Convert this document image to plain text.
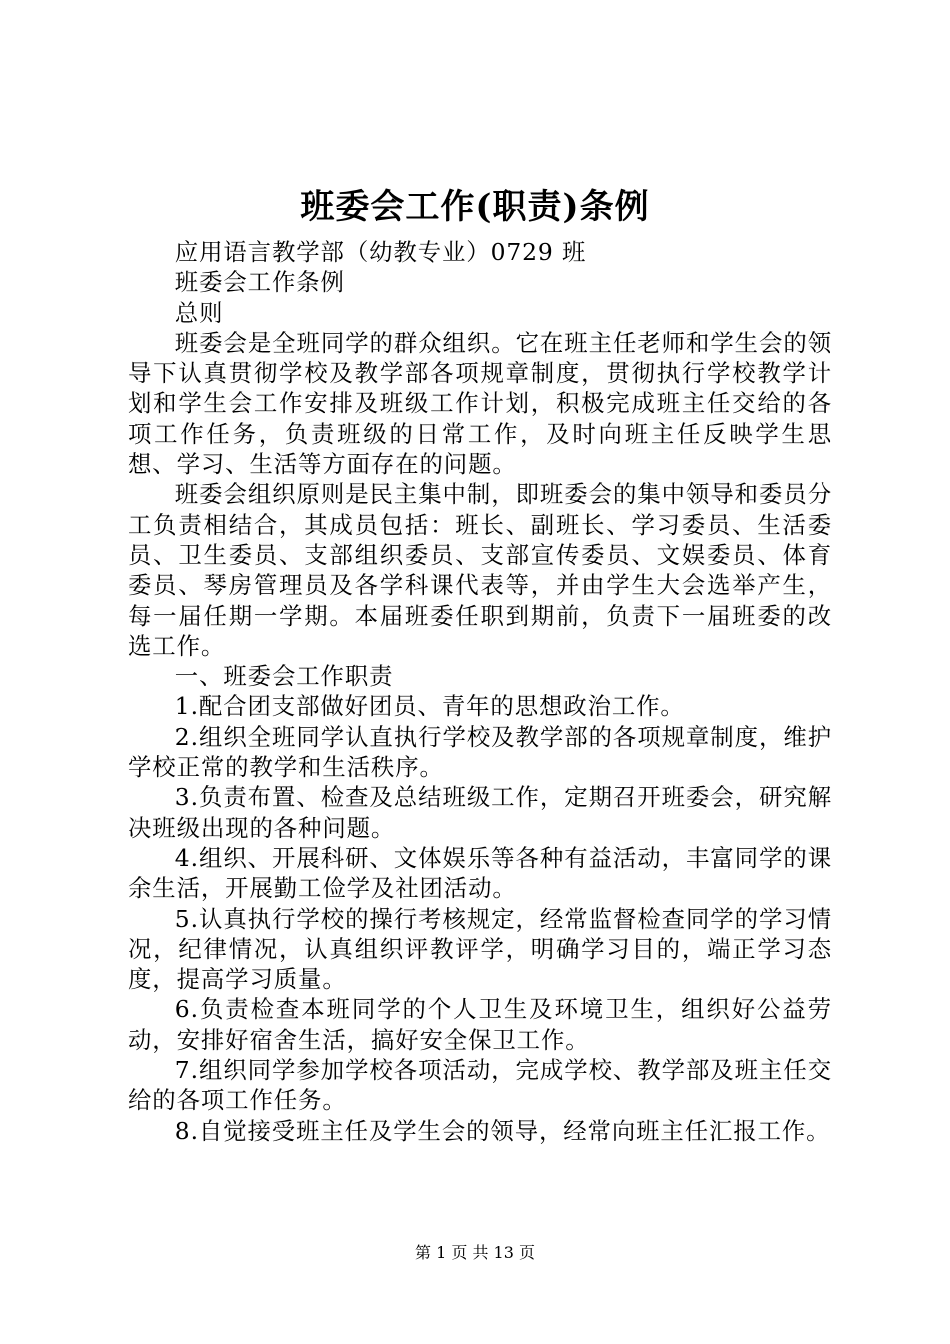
班委会工作(职责)条例

应用语言教学部（幼教专业）0729 班

班委会工作条例

总则

班委会是全班同学的群众组织。它在班主任老师和学生会的领导下认真贯彻学校及教学部各项规章制度，贯彻执行学校教学计划和学生会工作安排及班级工作计划，积极完成班主任交给的各项工作任务，负责班级的日常工作，及时向班主任反映学生思想、学习、生活等方面存在的问题。

班委会组织原则是民主集中制，即班委会的集中领导和委员分工负责相结合，其成员包括：班长、副班长、学习委员、生活委员、卫生委员、支部组织委员、支部宣传委员、文娱委员、体育委员、琴房管理员及各学科课代表等，并由学生大会选举产生，每一届任期一学期。本届班委任职到期前，负责下一届班委的改选工作。

一、班委会工作职责

1.配合团支部做好团员、青年的思想政治工作。

2.组织全班同学认直执行学校及教学部的各项规章制度，维护学校正常的教学和生活秩序。

3.负责布置、检查及总结班级工作，定期召开班委会，研究解决班级出现的各种问题。

4.组织、开展科研、文体娱乐等各种有益活动，丰富同学的课余生活，开展勤工俭学及社团活动。

5.认真执行学校的操行考核规定，经常监督检查同学的学习情况，纪律情况，认真组织评教评学，明确学习目的，端正学习态度，提高学习质量。

6.负责检查本班同学的个人卫生及环境卫生，组织好公益劳动，安排好宿舍生活，搞好安全保卫工作。

7.组织同学参加学校各项活动，完成学校、教学部及班主任交给的各项工作任务。

8.自觉接受班主任及学生会的领导，经常向班主任汇报工作。

第 1 页 共 13 页
